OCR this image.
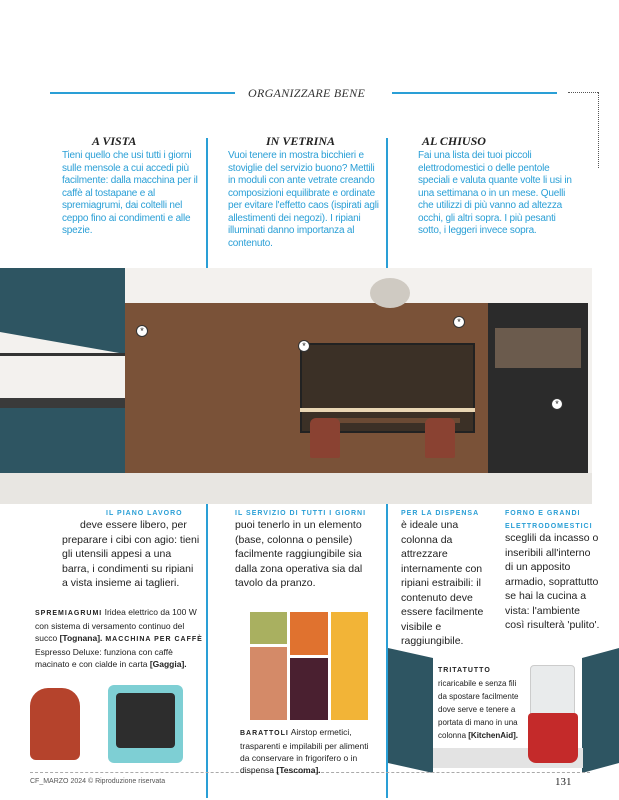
ORGANIZZARE BENE
A VISTA
Tieni quello che usi tutti i giorni sulle mensole a cui accedi più facilmente: dalla macchina per il caffè al tostapane e al spremiagrumi, dai coltelli nel ceppo fino ai condimenti e alle spezie.
IN VETRINA
Vuoi tenere in mostra bicchieri e stoviglie del servizio buono? Mettili in moduli con ante vetrate creando composizioni equilibrate e ordinate per evitare l'effetto caos (ispirati agli allestimenti dei negozi). I ripiani illuminati danno importanza al contenuto.
AL CHIUSO
Fai una lista dei tuoi piccoli elettrodomestici o delle pentole speciali e valuta quante volte li usi in una settimana o in un mese. Quelli che utilizzi di più vanno ad altezza occhi, gli altri sopra. I più pesanti sotto, i leggeri invece sopra.
*
*
*
*
IL PIANO LAVORO
deve essere libero, per preparare i cibi con agio: tieni gli utensili appesi a una barra, i condimenti su ripiani a vista insieme ai taglieri.
IL SERVIZIO DI TUTTI I GIORNI
puoi tenerlo in un elemento (base, colonna o pensile) facilmente raggiungibile sia dalla zona operativa sia dal tavolo da pranzo.
PER LA DISPENSA
è ideale una colonna da attrezzare internamente con ripiani estraibili: il contenuto deve essere facilmente visibile e raggiungibile.
FORNO E GRANDI ELETTRODOMESTICI
sceglili da incasso o inseribili all'interno di un apposito armadio, soprattutto se hai la cucina a vista: l'ambiente così risulterà 'pulito'.
SPREMIAGRUMI Iridea elettrico da 100 W con sistema di versamento continuo del succo [Tognana]. MACCHINA PER CAFFÈ Espresso Deluxe: funziona con caffè macinato e con cialde in carta [Gaggia].
BARATTOLI Airstop ermetici, trasparenti e impilabili per alimenti da conservare in frigorifero o in dispensa [Tescoma].
TRITATUTTO
ricaricabile e senza fili da spostare facilmente dove serve e tenere a portata di mano in una colonna [KitchenAid].
CF_MARZO 2024 © Riproduzione riservata	131
